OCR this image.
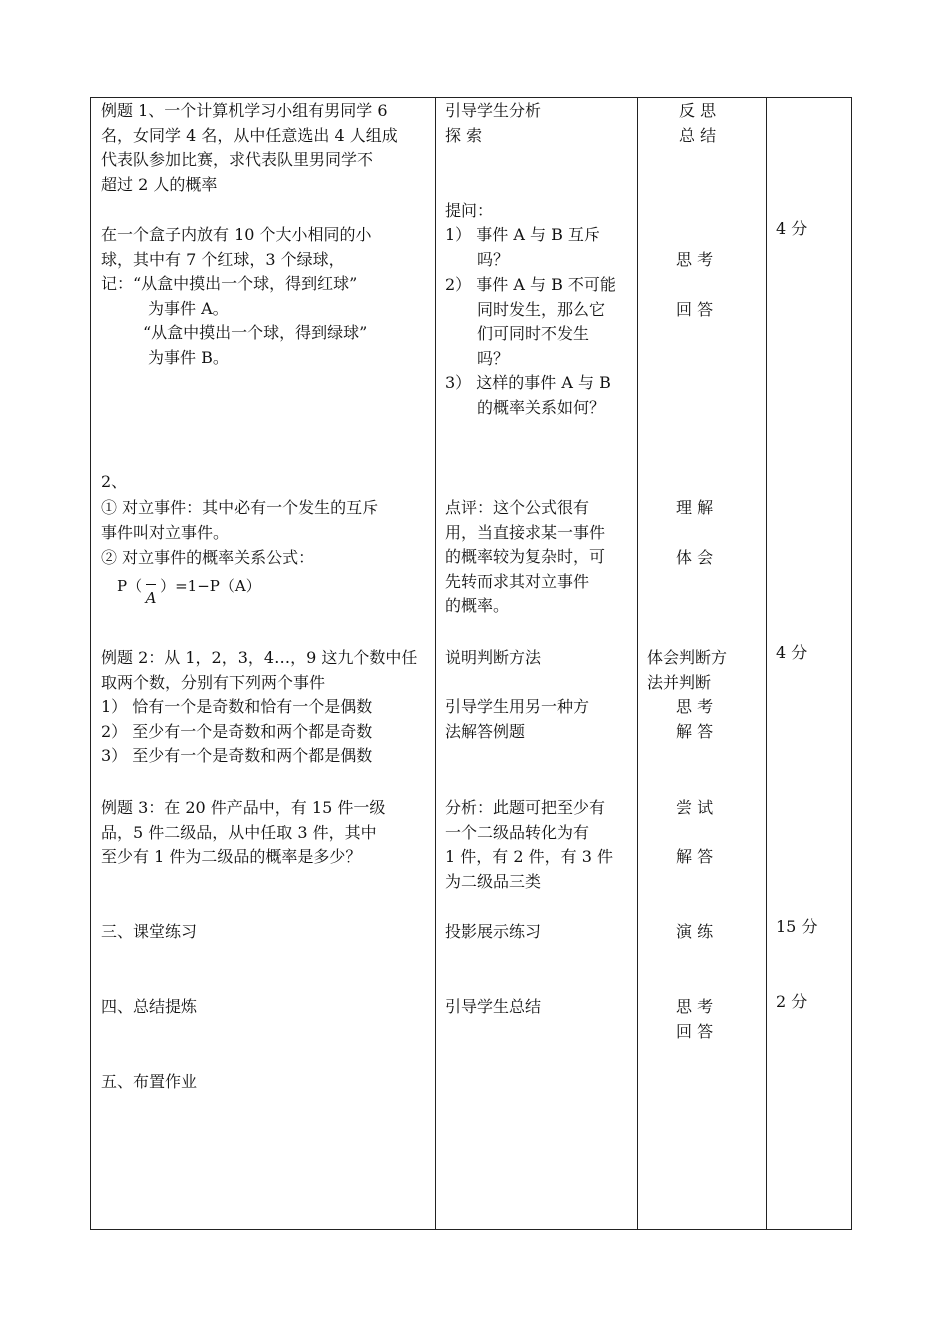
例题 1、一个计算机学习小组有男同学 6
名，女同学 4 名，从中任意选出 4 人组成
代表队参加比赛，求代表队里男同学不
超过 2 人的概率
在一个盒子内放有 10 个大小相同的小
球，其中有 7 个红球，3 个绿球，
记：“从盒中摸出一个球，得到红球”
为事件 A。
“从盒中摸出一个球，得到绿球”
为事件 B。
2、
① 对立事件：其中必有一个发生的互斥
事件叫对立事件。
② 对立事件的概率关系公式：
P（
A）=1−P（A）
例题 2：从 1，2，3，4…，9 这九个数中任
取两个数，分别有下列两个事件
1） 恰有一个是奇数和恰有一个是偶数
2） 至少有一个是奇数和两个都是奇数
3） 至少有一个是奇数和两个都是偶数
例题 3：在 20 件产品中，有 15 件一级
品，5 件二级品，从中任取 3 件，其中
至少有 1 件为二级品的概率是多少？
三、课堂练习
四、总结提炼
五、布置作业
引导学生分析
探 索
提问：
1） 事件 A 与 B 互斥
吗？
2） 事件 A 与 B 不可能
同时发生，那么它
们可同时不发生
吗？
3） 这样的事件 A 与 B
的概率关系如何？
点评：这个公式很有
用，当直接求某一事件
的概率较为复杂时，可
先转而求其对立事件
的概率。
说明判断方法
引导学生用另一种方
法解答例题
分析：此题可把至少有
一个二级品转化为有
1 件，有 2 件，有 3 件
为二级品三类
投影展示练习
引导学生总结
反 思
总 结
思 考
回 答
理 解
体 会
体会判断方
法并判断
思 考
解 答
尝 试
解 答
演 练
思 考
回 答
4 分
4 分
15 分
2 分
